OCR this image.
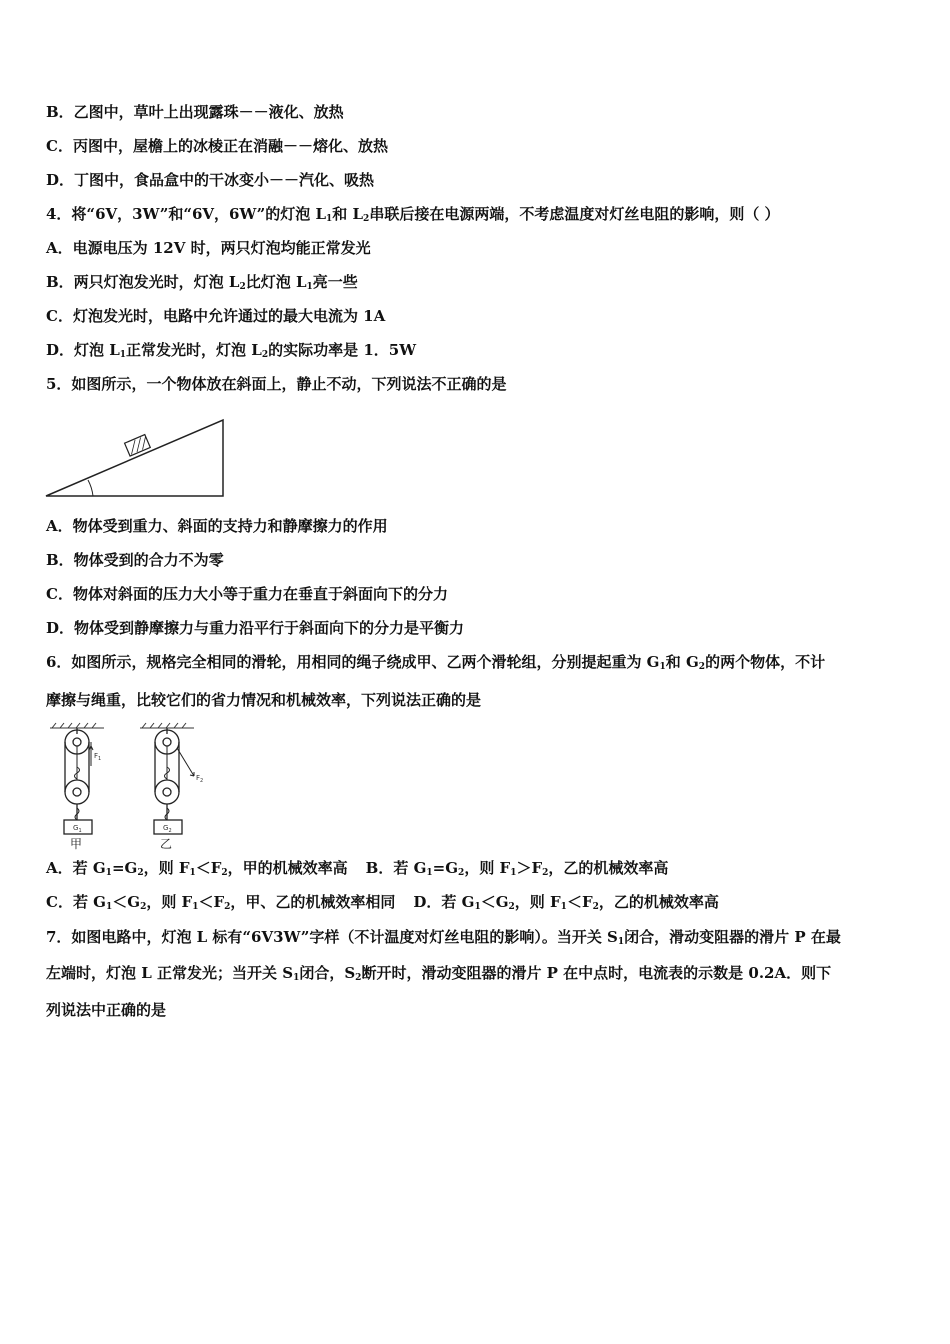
B．乙图中，草叶上出现露珠－－液化、放热
C．丙图中，屋檐上的冰棱正在消融－－熔化、放热
D．丁图中，食品盒中的干冰变小－－汽化、吸热
4．将“6V，3W”和“6V，6W”的灯泡 $L_1$和 $L_2$串联后接在电源两端，不考虑温度对灯丝电阻的影响，则（ ）
A．电源电压为 12V 时，两只灯泡均能正常发光
B．两只灯泡发光时，灯泡 $L_2$比灯泡 $L_1$亮一些
C．灯泡发光时，电路中允许通过的最大电流为 1A
D．灯泡 $L_1$正常发光时，灯泡 $L_2$的实际功率是 1．5W
5．如图所示，一个物体放在斜面上，静止不动，下列说法不正确的是
A．物体受到重力、斜面的支持力和静摩擦力的作用
B．物体受到的合力不为零
C．物体对斜面的压力大小等于重力在垂直于斜面向下的分力
D．物体受到静摩擦力与重力沿平行于斜面向下的分力是平衡力
6．如图所示，规格完全相同的滑轮，用相同的绳子绕成甲、乙两个滑轮组，分别提起重为 $G_1$和 $G_2$的两个物体，不计
摩擦与绳重，比较它们的省力情况和机械效率，下列说法正确的是
$F_1$
$F_2$
$G_1$	$G_2$
甲	乙
A．若 $G_1=G_2$，则 $F_1<F_2$，甲的机械效率高 B．若 $G_1=G_2$，则 $F_1>F_2$，乙的机械效率高
C．若 $G_1<G_2$，则 $F_1<F_2$，甲、乙的机械效率相同 D．若 $G_1<G_2$，则 $F_1<F_2$，乙的机械效率高
7．如图电路中，灯泡 L 标有“6V3W”字样（不计温度对灯丝电阻的影响）。当开关 $S_1$闭合，滑动变阻器的滑片 P 在最
左端时，灯泡 L 正常发光；当开关 $S_1$闭合，$S_2$断开时，滑动变阻器的滑片 P 在中点时，电流表的示数是 0.2A．则下
列说法中正确的是
